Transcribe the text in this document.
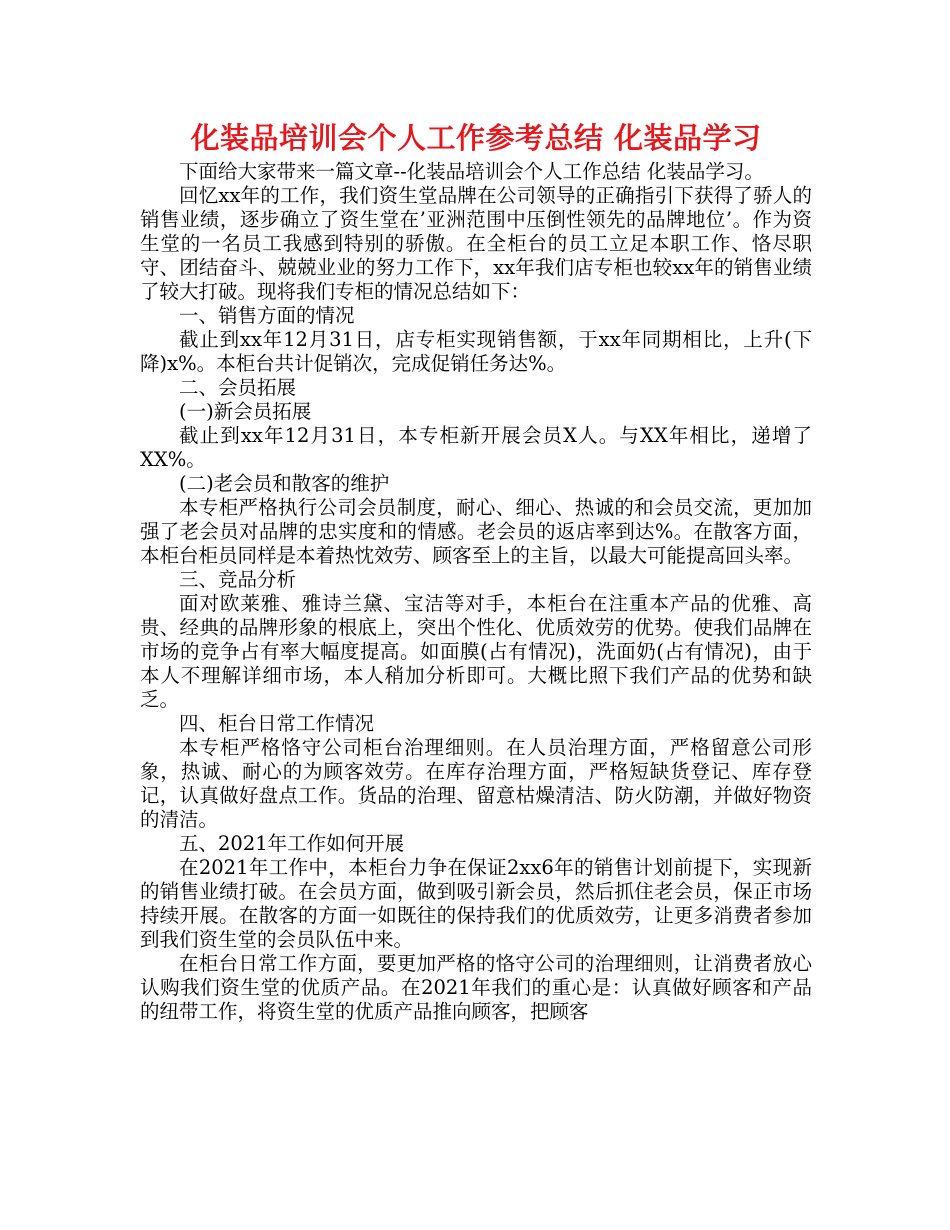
化装品培训会个人工作参考总结 化装品学习

下面给大家带来一篇文章--化装品培训会个人工作总结 化装品学习。

回忆xx年的工作，我们资生堂品牌在公司领导的正确指引下获得了骄人的销售业绩，逐步确立了资生堂在’亚洲范围中压倒性领先的品牌地位’。作为资生堂的一名员工我感到特别的骄傲。在全柜台的员工立足本职工作、恪尽职守、团结奋斗、兢兢业业的努力工作下，xx年我们店专柜也较xx年的销售业绩了较大打破。现将我们专柜的情况总结如下：

一、销售方面的情况

截止到xx年12月31日，店专柜实现销售额，于xx年同期相比，上升(下降)x%。本柜台共计促销次，完成促销任务达%。

二、会员拓展

(一)新会员拓展

截止到xx年12月31日，本专柜新开展会员X人。与XX年相比，递增了XX%。

(二)老会员和散客的维护

本专柜严格执行公司会员制度，耐心、细心、热诚的和会员交流，更加加强了老会员对品牌的忠实度和的情感。老会员的返店率到达%。在散客方面，本柜台柜员同样是本着热忱效劳、顾客至上的主旨，以最大可能提高回头率。

三、竞品分析

面对欧莱雅、雅诗兰黛、宝洁等对手，本柜台在注重本产品的优雅、高贵、经典的品牌形象的根底上，突出个性化、优质效劳的优势。使我们品牌在市场的竞争占有率大幅度提高。如面膜(占有情况)，洗面奶(占有情况)，由于本人不理解详细市场，本人稍加分析即可。大概比照下我们产品的优势和缺乏。

四、柜台日常工作情况

本专柜严格恪守公司柜台治理细则。在人员治理方面，严格留意公司形象，热诚、耐心的为顾客效劳。在库存治理方面，严格短缺货登记、库存登记，认真做好盘点工作。货品的治理、留意枯燥清洁、防火防潮，并做好物资的清洁。

五、2021年工作如何开展

在2021年工作中，本柜台力争在保证2xx6年的销售计划前提下，实现新的销售业绩打破。在会员方面，做到吸引新会员，然后抓住老会员，保正市场持续开展。在散客的方面一如既往的保持我们的优质效劳，让更多消费者参加到我们资生堂的会员队伍中来。

在柜台日常工作方面，要更加严格的恪守公司的治理细则，让消费者放心认购我们资生堂的优质产品。在2021年我们的重心是：认真做好顾客和产品的纽带工作，将资生堂的优质产品推向顾客，把顾客
